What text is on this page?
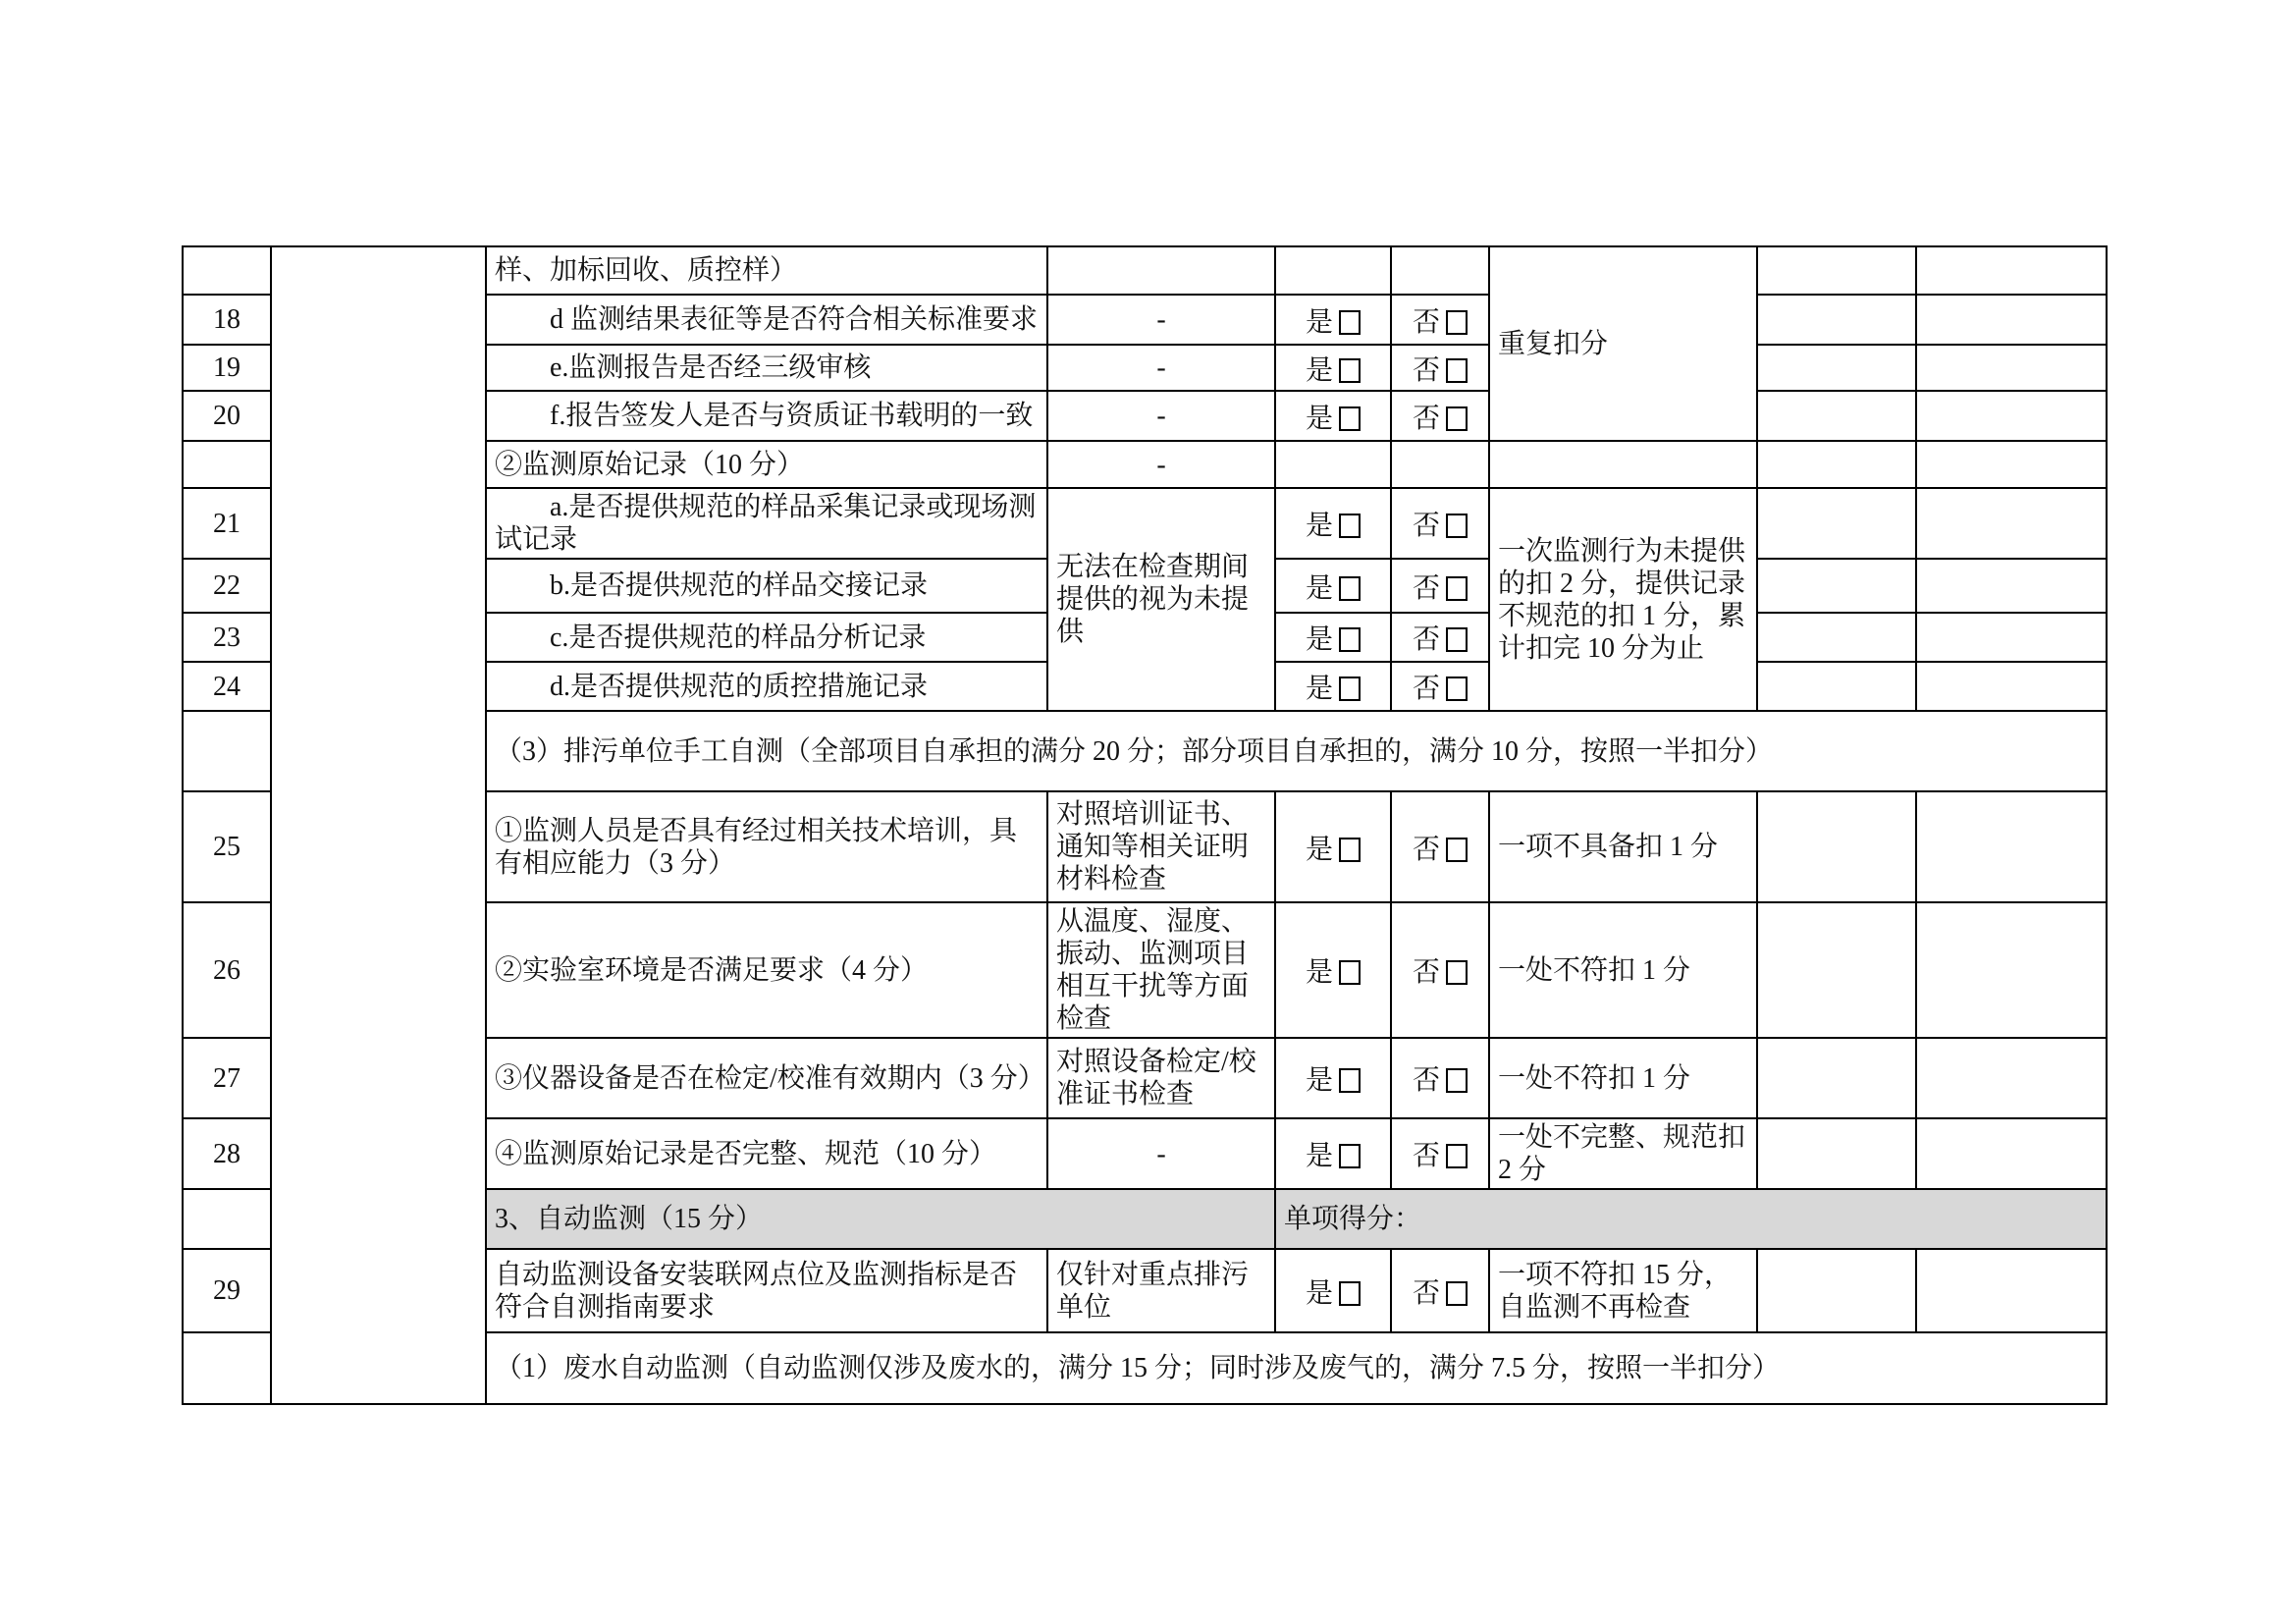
		样、加标回收、质控样）				重复扣分		

18		d 监测结果表征等是否符合相关标准要求	-	是	否			

19		e.监测报告是否经三级审核	-	是	否			

20		f.报告签发人是否与资质证书载明的一致	-	是	否			

		②监测原始记录（10 分）	-					

21		a.是否提供规范的样品采集记录或现场测试记录	无法在检查期间提供的视为未提供	是	否	一次监测行为未提供的扣 2 分，提供记录不规范的扣 1 分，累计扣完 10 分为止		

22		b.是否提供规范的样品交接记录		是	否			

23		c.是否提供规范的样品分析记录		是	否			

24		d.是否提供规范的质控措施记录		是	否			

		（3）排污单位手工自测（全部项目自承担的满分 20 分；部分项目自承担的，满分 10 分，按照一半扣分）						

25		①监测人员是否具有经过相关技术培训，具有相应能力（3 分）	对照培训证书、通知等相关证明材料检查	是	否	一项不具备扣 1 分		

26		②实验室环境是否满足要求（4 分）	从温度、湿度、振动、监测项目相互干扰等方面检查	是	否	一处不符扣 1 分		

27		③仪器设备是否在检定/校准有效期内（3 分）	对照设备检定/校准证书检查	是	否	一处不符扣 1 分		

28		④监测原始记录是否完整、规范（10 分）	-	是	否	一处不完整、规范扣 2 分		

		3、自动监测（15 分）		单项得分：				

29		自动监测设备安装联网点位及监测指标是否符合自测指南要求	仅针对重点排污单位	是	否	一项不符扣 15 分，自监测不再检查		

		（1）废水自动监测（自动监测仅涉及废水的，满分 15 分；同时涉及废气的，满分 7.5 分，按照一半扣分）						
